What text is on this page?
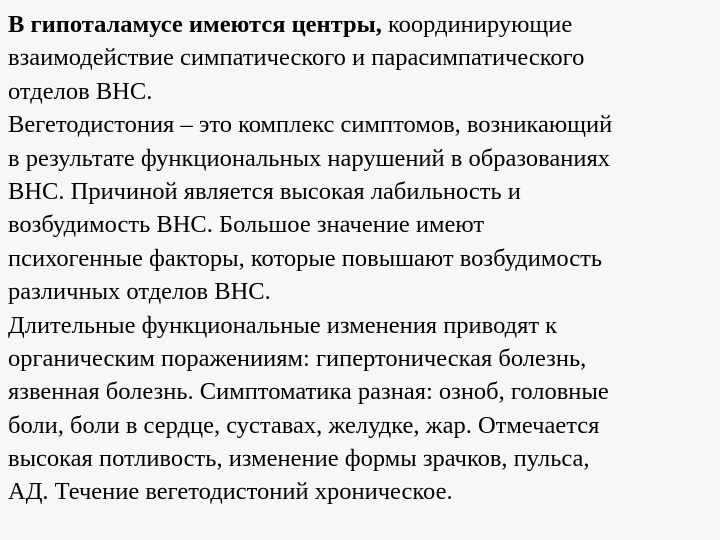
В гипоталамусе имеются центры, координирующие
взаимодействие симпатического и парасимпатического
отделов ВНС.
Вегетодистония – это комплекс симптомов, возникающий
в результате функциональных нарушений в образованиях
ВНС. Причиной является высокая лабильность и
возбудимость ВНС. Большое значение имеют
психогенные факторы, которые повышают возбудимость
различных отделов ВНС.
Длительные функциональные изменения приводят к
органическим пораженииям: гипертоническая болезнь,
язвенная болезнь. Симптоматика разная: озноб, головные
боли, боли в сердце, суставах, желудке, жар. Отмечается
высокая потливость, изменение формы зрачков, пульса,
АД. Течение вегетодистоний хроническое.
